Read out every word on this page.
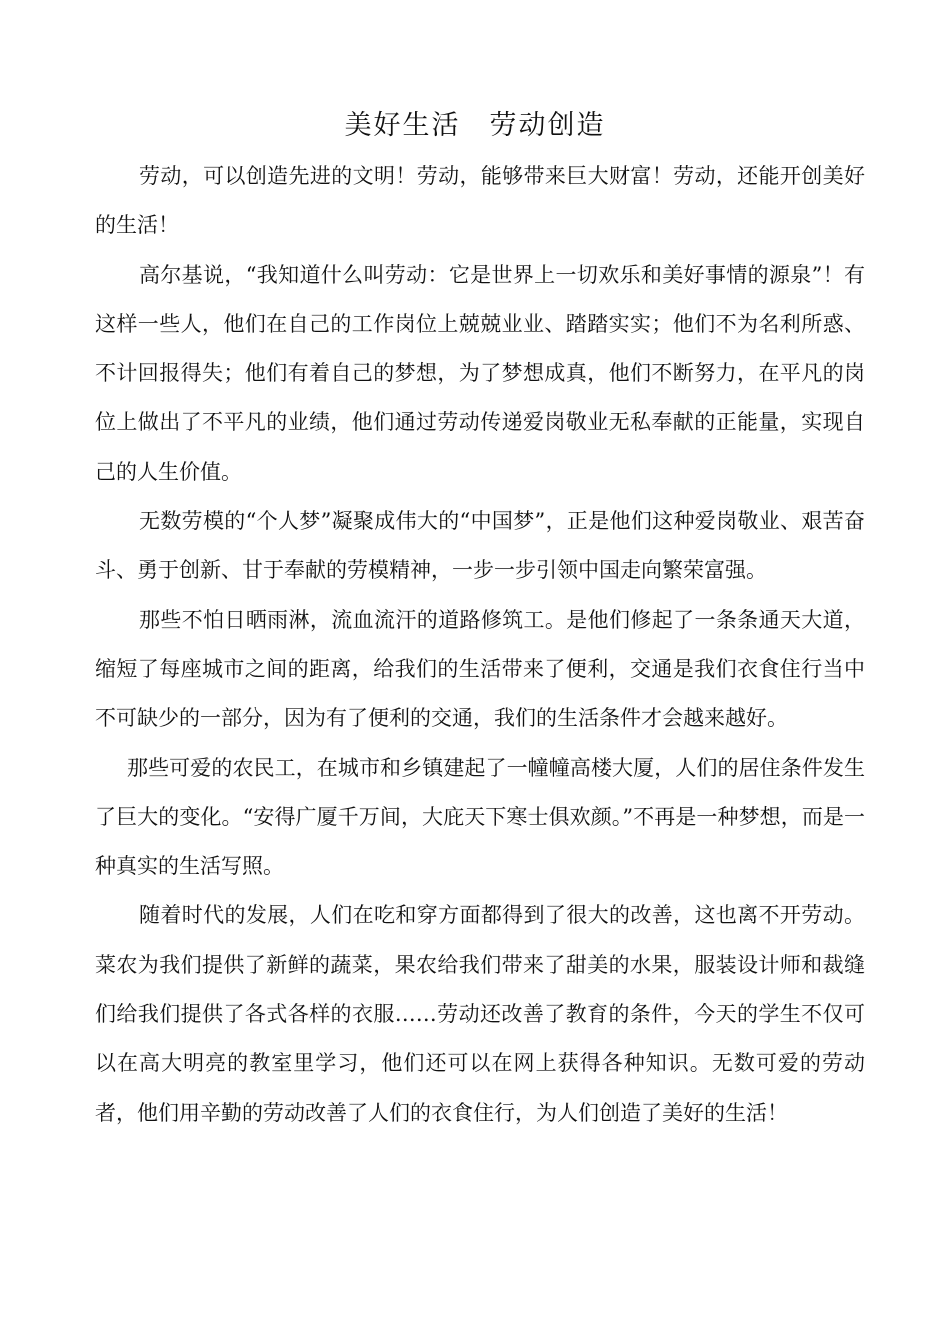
美好生活　劳动创造

劳动，可以创造先进的文明！劳动，能够带来巨大财富！劳动，还能开创美好的生活！

高尔基说，“我知道什么叫劳动：它是世界上一切欢乐和美好事情的源泉”！有这样一些人，他们在自己的工作岗位上兢兢业业、踏踏实实；他们不为名利所惑、不计回报得失；他们有着自己的梦想，为了梦想成真，他们不断努力，在平凡的岗位上做出了不平凡的业绩，他们通过劳动传递爱岗敬业无私奉献的正能量，实现自己的人生价值。

无数劳模的“个人梦”凝聚成伟大的“中国梦”，正是他们这种爱岗敬业、艰苦奋斗、勇于创新、甘于奉献的劳模精神，一步一步引领中国走向繁荣富强。

那些不怕日晒雨淋，流血流汗的道路修筑工。是他们修起了一条条通天大道，缩短了每座城市之间的距离，给我们的生活带来了便利，交通是我们衣食住行当中不可缺少的一部分，因为有了便利的交通，我们的生活条件才会越来越好。

那些可爱的农民工，在城市和乡镇建起了一幢幢高楼大厦，人们的居住条件发生了巨大的变化。“安得广厦千万间，大庇天下寒士俱欢颜。”不再是一种梦想，而是一种真实的生活写照。

随着时代的发展，人们在吃和穿方面都得到了很大的改善，这也离不开劳动。菜农为我们提供了新鲜的蔬菜，果农给我们带来了甜美的水果，服装设计师和裁缝们给我们提供了各式各样的衣服……劳动还改善了教育的条件，今天的学生不仅可以在高大明亮的教室里学习，他们还可以在网上获得各种知识。无数可爱的劳动者，他们用辛勤的劳动改善了人们的衣食住行，为人们创造了美好的生活！
